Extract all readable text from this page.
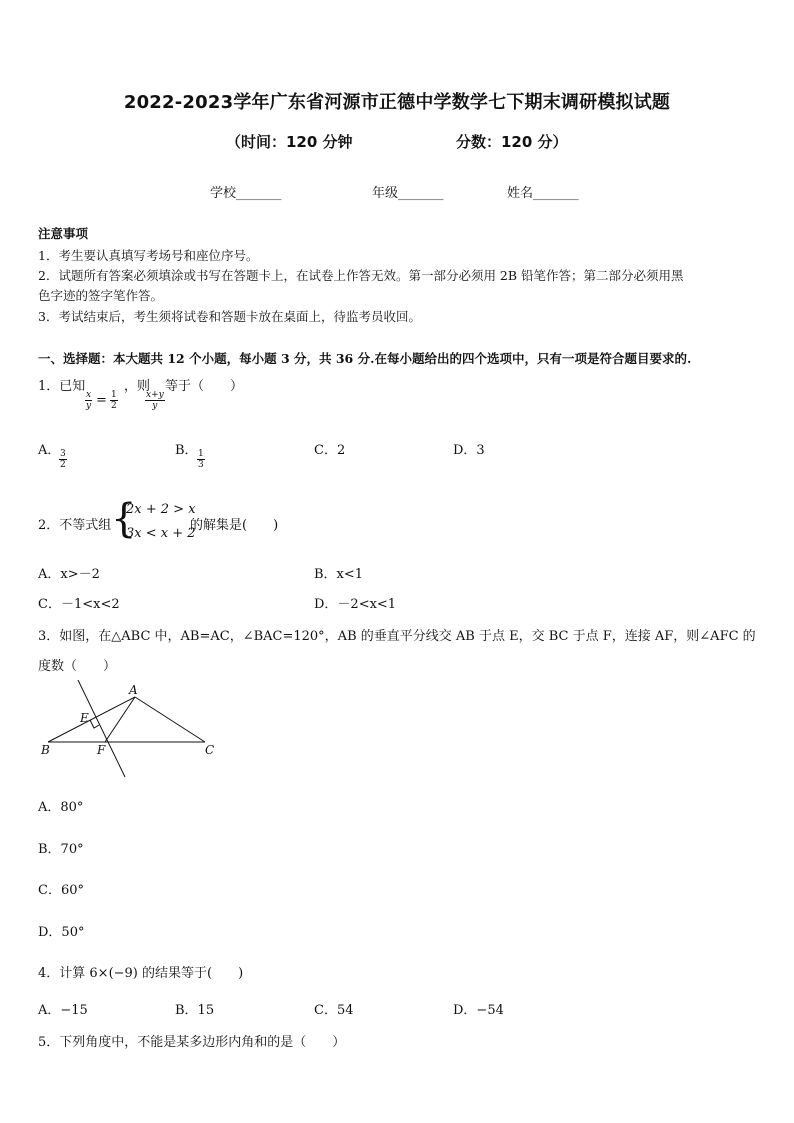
2022-2023学年广东省河源市正德中学数学七下期末调研模拟试题
（时间：120 分钟	分数：120 分）
学校_______	年级_______	姓名_______
注意事项
1．考生要认真填写考场号和座位序号。
2．试题所有答案必须填涂或书写在答题卡上，在试卷上作答无效。第一部分必须用 2B 铅笔作答；第二部分必须用黑
色字迹的签字笔作答。
3．考试结束后，考生须将试卷和答题卡放在桌面上，待监考员收回。
一、选择题：本大题共 12 个小题，每小题 3 分，共 36 分.在每小题给出的四个选项中，只有一项是符合题目要求的.
1．已知
$\frac{x}{y} = \frac{1}{2}$
，则
$\frac{x+y}{y}$
等于（　　）
A．
$\frac{3}{2}$	B． $\frac{1}{3}$	C．2	D．3
2．不等式组 {
2x + 2 > x
3x < x + 2
的解集是(　　)
A．x>－2	B．x<1
C．－1<x<2	D．－2<x<1
3．如图，在△ABC 中，AB=AC，∠BAC=120°，AB 的垂直平分线交 AB 于点 E，交 BC 于点 F，连接 AF，则∠AFC 的
度数（　　）
A
B	C
E
F
A．80°
B．70°
C．60°
D．50°
4．计算 6×(−9) 的结果等于(　　)
A．−15	B．15	C．54	D．−54
5．下列角度中，不能是某多边形内角和的是（　　）
